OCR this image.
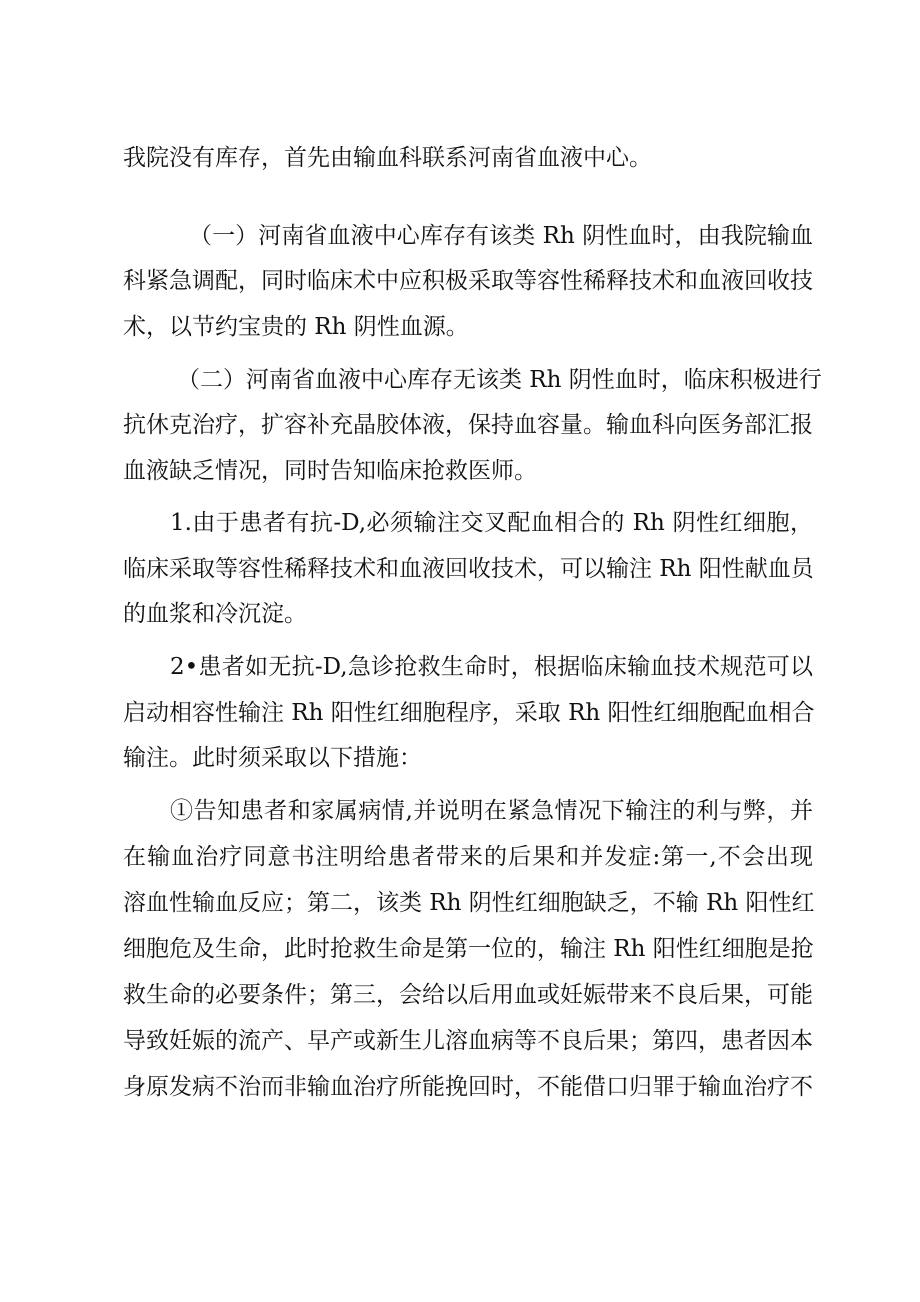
我院没有库存，首先由输血科联系河南省血液中心。
（一）河南省血液中心库存有该类 Rh 阴性血时，由我院输血
科紧急调配，同时临床术中应积极采取等容性稀释技术和血液回收技
术，以节约宝贵的 Rh 阴性血源。
（二）河南省血液中心库存无该类 Rh 阴性血时，临床积极进行
抗休克治疗，扩容补充晶胶体液，保持血容量。输血科向医务部汇报
血液缺乏情况，同时告知临床抢救医师。
1.由于患者有抗-D,必须输注交叉配血相合的 Rh 阴性红细胞，
临床采取等容性稀释技术和血液回收技术，可以输注 Rh 阳性献血员
的血浆和冷沉淀。
2•患者如无抗-D,急诊抢救生命时，根据临床输血技术规范可以
启动相容性输注 Rh 阳性红细胞程序，采取 Rh 阳性红细胞配血相合
输注。此时须采取以下措施：
①告知患者和家属病情,并说明在紧急情况下输注的利与弊，并
在输血治疗同意书注明给患者带来的后果和并发症:第一,不会出现
溶血性输血反应；第二，该类 Rh 阴性红细胞缺乏，不输 Rh 阳性红
细胞危及生命，此时抢救生命是第一位的，输注 Rh 阳性红细胞是抢
救生命的必要条件；第三，会给以后用血或妊娠带来不良后果，可能
导致妊娠的流产、早产或新生儿溶血病等不良后果；第四，患者因本
身原发病不治而非输血治疗所能挽回时，不能借口归罪于输血治疗不
